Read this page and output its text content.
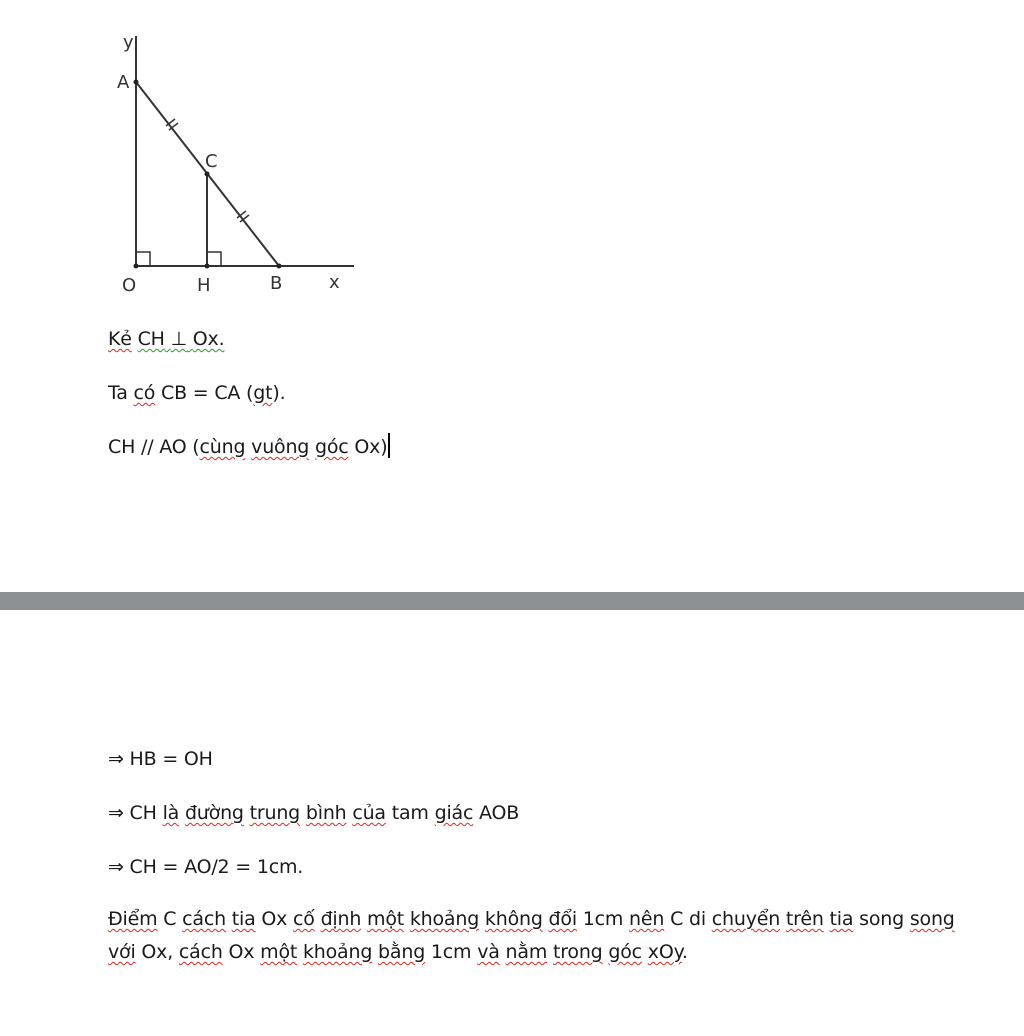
y
A
C
O	H	B	x
Kẻ CH ⊥ Ox.
Ta có CB = CA (gt).
CH // AO (cùng vuông góc Ox)
⇒ HB = OH
⇒ CH là đường trung bình của tam giác AOB
⇒ CH = AO/2 = 1cm.
Điểm C cách tia Ox cố định một khoảng không đổi 1cm nên C di chuyển trên tia song song với Ox, cách Ox một khoảng bằng 1cm và nằm trong góc xOy.
